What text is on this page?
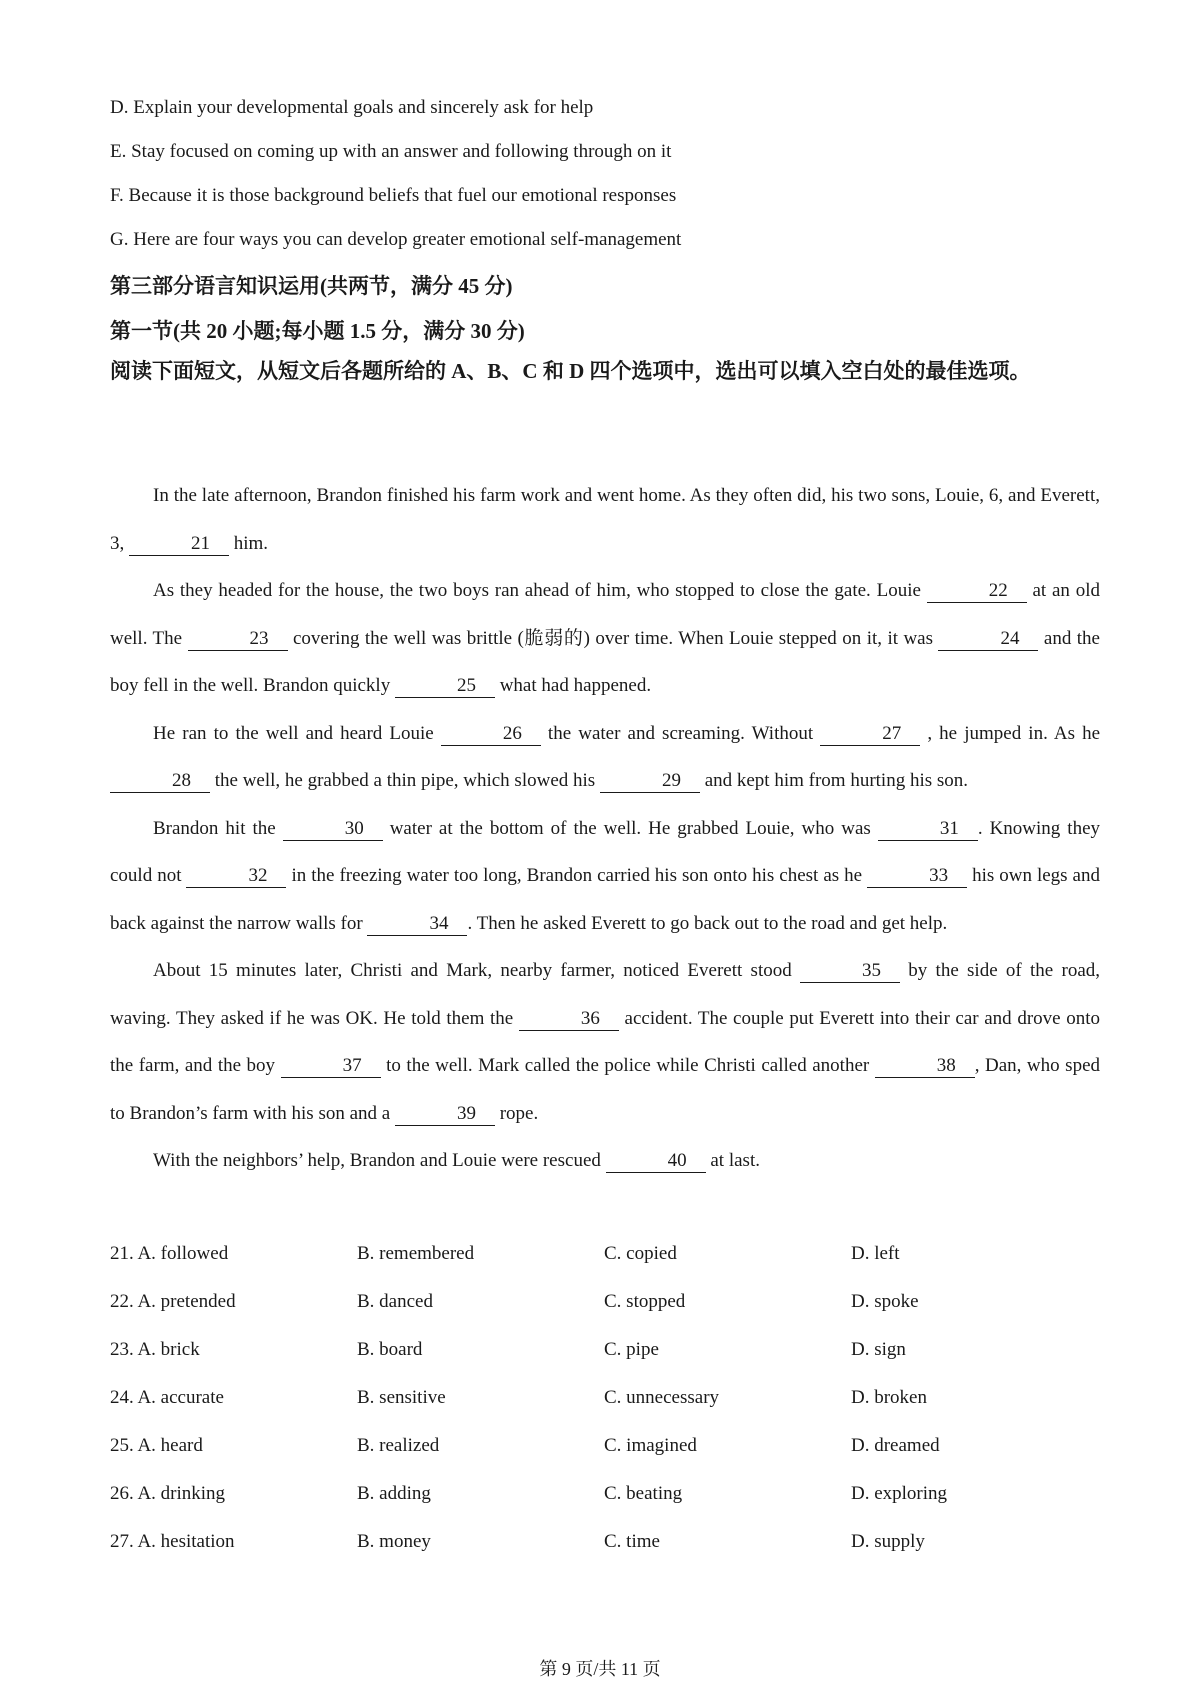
D. Explain your developmental goals and sincerely ask for help
E. Stay focused on coming up with an answer and following through on it
F. Because it is those background beliefs that fuel our emotional responses
G. Here are four ways you can develop greater emotional self-management
第三部分语言知识运用(共两节，满分 45 分)
第一节(共 20 小题;每小题 1.5 分，满分 30 分)
阅读下面短文，从短文后各题所给的 A、B、C 和 D 四个选项中，选出可以填入空白处的最佳选项。

In the late afternoon, Brandon finished his farm work and went home. As they often did, his two sons, Louie, 6, and Everett, 3,	21 him.

As they headed for the house, the two boys ran ahead of him, who stopped to close the gate. Louie	22 at an old well. The	23 covering the well was brittle (脆弱的) over time. When Louie stepped on it, it was	24 and the boy fell in the well. Brandon quickly	25 what had happened.

He ran to the well and heard Louie	26 the water and screaming. Without	27 , he jumped in. As he 28 the well, he grabbed a thin pipe, which slowed his	29 and kept him from hurting his son.

Brandon hit the	30 water at the bottom of the well. He grabbed Louie, who was	31 . Knowing they could not	32 in the freezing water too long, Brandon carried his son onto his chest as he	33 his own legs and back against the narrow walls for	34 . Then he asked Everett to go back out to the road and get help.

About 15 minutes later, Christi and Mark, nearby farmer, noticed Everett stood	35 by the side of the road, waving. They asked if he was OK. He told them the	36 accident. The couple put Everett into their car and drove onto the farm, and the boy	37 to the well. Mark called the police while Christi called another	38 , Dan, who sped to Brandon’s farm with his son and a	39 rope.

With the neighbors’ help, Brandon and Louie were rescued	40 at last.

21. A. followed	B. remembered	C. copied	D. left
22. A. pretended	B. danced	C. stopped	D. spoke
23. A. brick	B. board	C. pipe	D. sign
24. A. accurate	B. sensitive	C. unnecessary	D. broken
25. A. heard	B. realized	C. imagined	D. dreamed
26. A. drinking	B. adding	C. beating	D. exploring
27. A. hesitation	B. money	C. time	D. supply
第 9 页/共 11 页
